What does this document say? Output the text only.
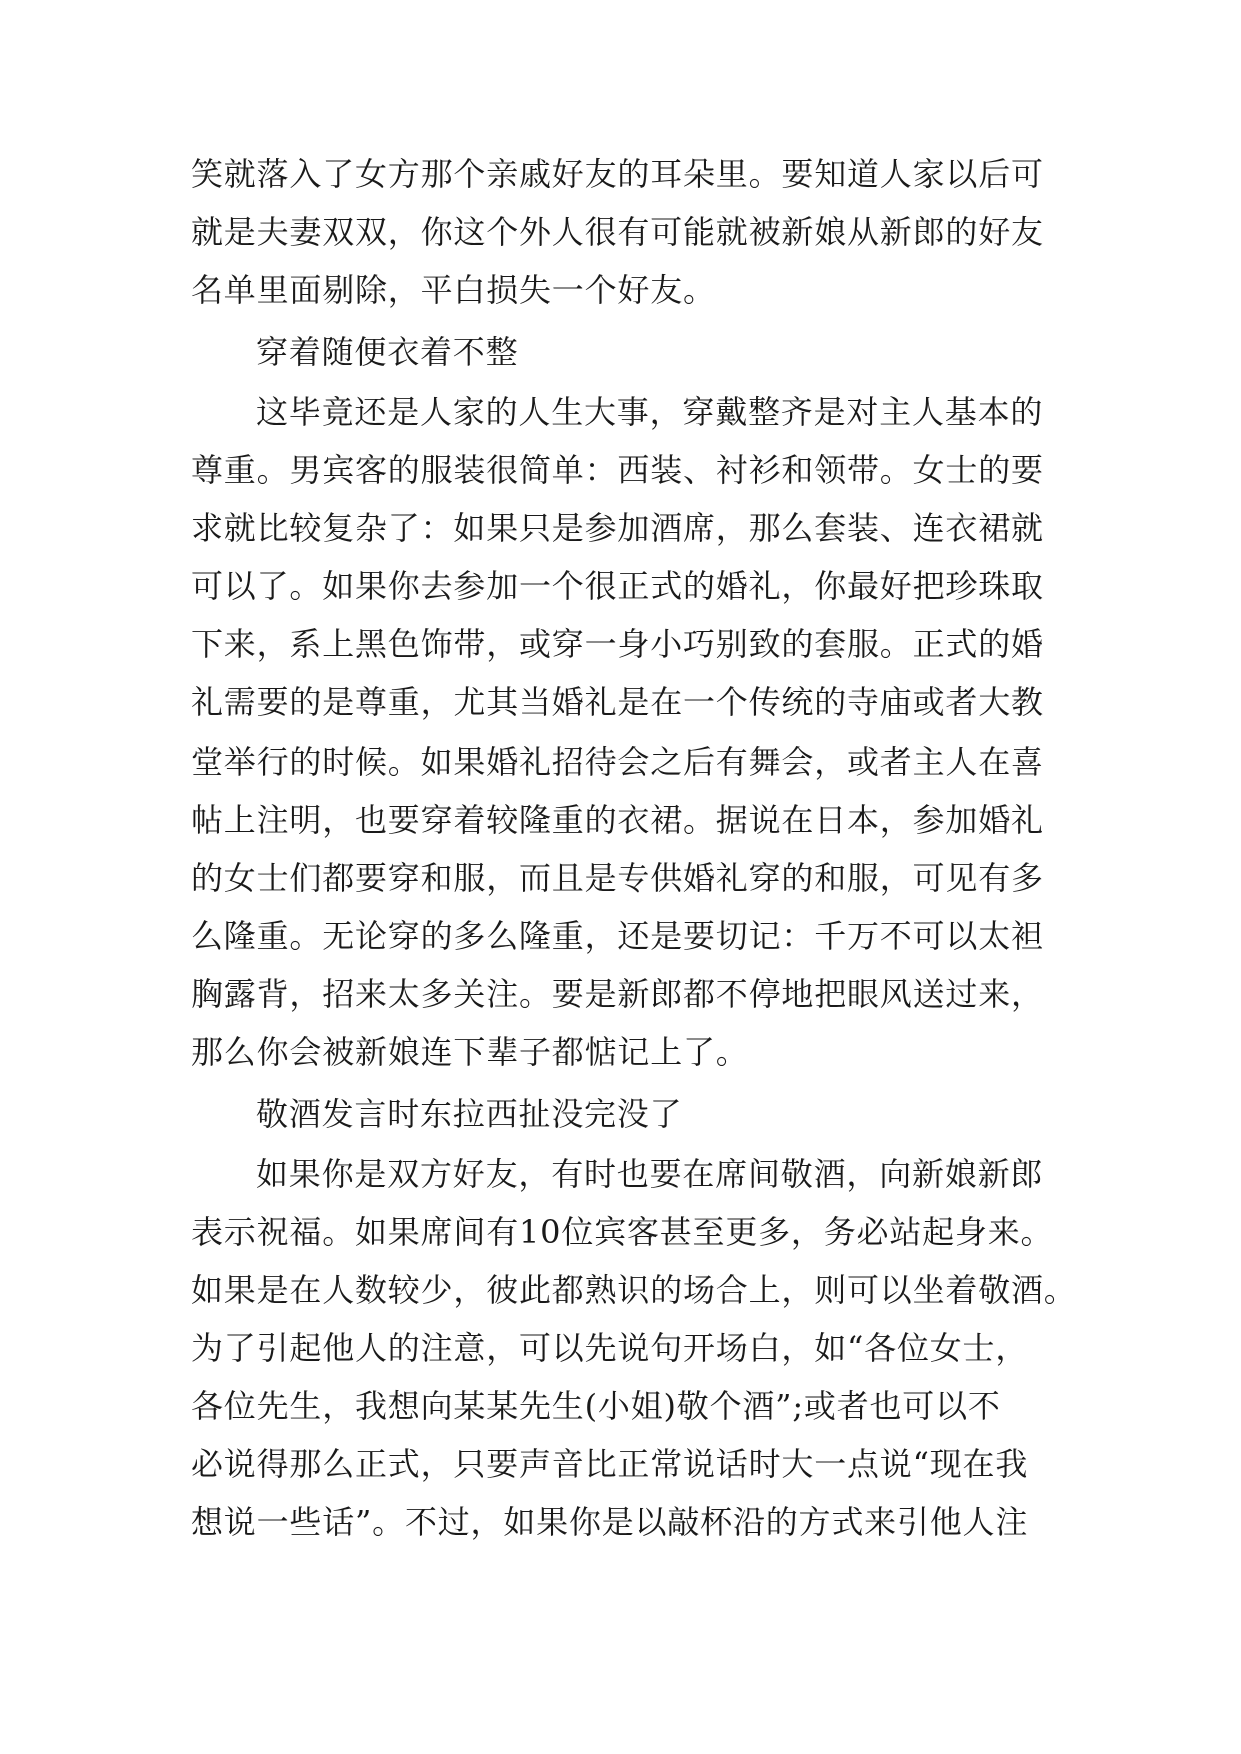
笑就落入了女方那个亲戚好友的耳朵里。要知道人家以后可
就是夫妻双双，你这个外人很有可能就被新娘从新郎的好友
名单里面剔除，平白损失一个好友。
穿着随便衣着不整
这毕竟还是人家的人生大事，穿戴整齐是对主人基本的
尊重。男宾客的服装很简单：西装、衬衫和领带。女士的要
求就比较复杂了：如果只是参加酒席，那么套装、连衣裙就
可以了。如果你去参加一个很正式的婚礼，你最好把珍珠取
下来，系上黑色饰带，或穿一身小巧别致的套服。正式的婚
礼需要的是尊重，尤其当婚礼是在一个传统的寺庙或者大教
堂举行的时候。如果婚礼招待会之后有舞会，或者主人在喜
帖上注明，也要穿着较隆重的衣裙。据说在日本，参加婚礼
的女士们都要穿和服，而且是专供婚礼穿的和服，可见有多
么隆重。无论穿的多么隆重，还是要切记：千万不可以太袒
胸露背，招来太多关注。要是新郎都不停地把眼风送过来，
那么你会被新娘连下辈子都惦记上了。
敬酒发言时东拉西扯没完没了
如果你是双方好友，有时也要在席间敬酒，向新娘新郎
表示祝福。如果席间有10位宾客甚至更多，务必站起身来。
如果是在人数较少，彼此都熟识的场合上，则可以坐着敬酒。
为了引起他人的注意，可以先说句开场白，如“各位女士，
各位先生，我想向某某先生(小姐)敬个酒”;或者也可以不
必说得那么正式，只要声音比正常说话时大一点说“现在我
想说一些话”。不过，如果你是以敲杯沿的方式来引他人注
